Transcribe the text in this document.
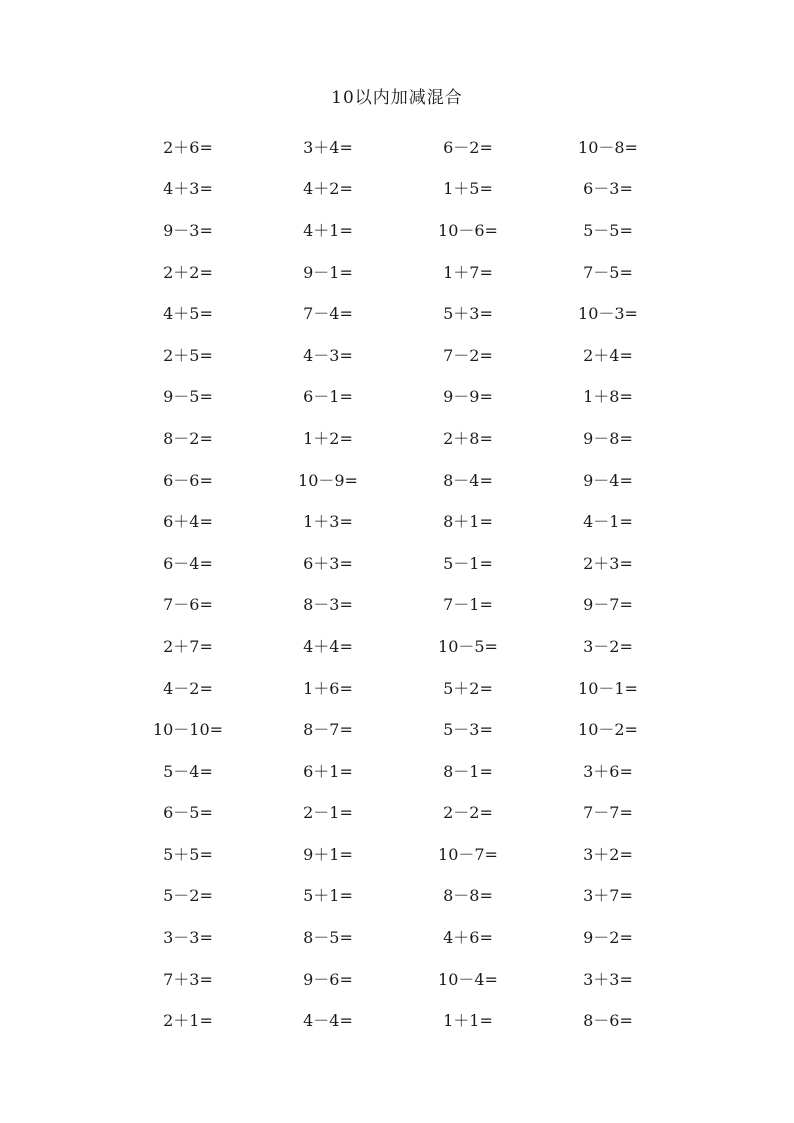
10以内加减混合
2＋6=	3＋4=	6－2=	10－8=
4＋3=	4＋2=	1＋5=	6－3=
9－3=	4＋1=	10－6=	5－5=
2＋2=	9－1=	1＋7=	7－5=
4＋5=	7－4=	5＋3=	10－3=
2＋5=	4－3=	7－2=	2＋4=
9－5=	6－1=	9－9=	1＋8=
8－2=	1＋2=	2＋8=	9－8=
6－6=	10－9=	8－4=	9－4=
6＋4=	1＋3=	8＋1=	4－1=
6－4=	6＋3=	5－1=	2＋3=
7－6=	8－3=	7－1=	9－7=
2＋7=	4＋4=	10－5=	3－2=
4－2=	1＋6=	5＋2=	10－1=
10－10=	8－7=	5－3=	10－2=
5－4=	6＋1=	8－1=	3＋6=
6－5=	2－1=	2－2=	7－7=
5＋5=	9＋1=	10－7=	3＋2=
5－2=	5＋1=	8－8=	3＋7=
3－3=	8－5=	4＋6=	9－2=
7＋3=	9－6=	10－4=	3＋3=
2＋1=	4－4=	1＋1=	8－6=
